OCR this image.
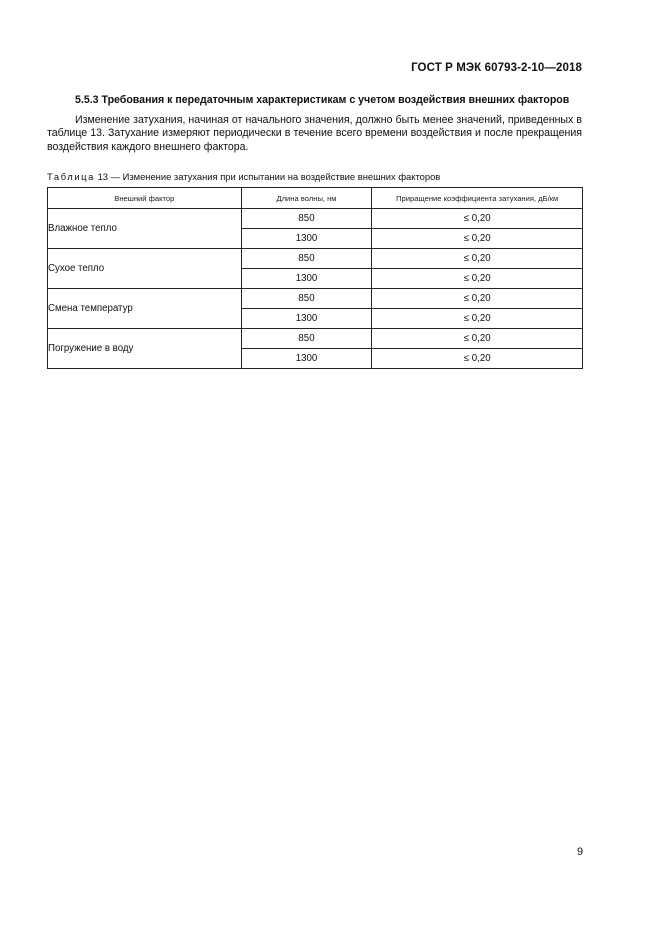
ГОСТ Р МЭК 60793-2-10—2018

5.5.3 Требования к передаточным характеристикам с учетом воздействия внешних факторов

Изменение затухания, начиная от начального значения, должно быть менее значений, приведенных в таблице 13. Затухание измеряют периодически в течение всего времени воздействия и после прекращения воздействия каждого внешнего фактора.

Таблица 13 — Изменение затухания при испытании на воздействие внешних факторов
Внешний фактор	Длина волны, нм	Приращение коэффициента затухания, дБ/км
Влажное тепло	850	≤ 0,20
	1300	≤ 0,20
Сухое тепло	850	≤ 0,20
	1300	≤ 0,20
Смена температур	850	≤ 0,20
	1300	≤ 0,20
Погружение в воду	850	≤ 0,20
	1300	≤ 0,20
9
